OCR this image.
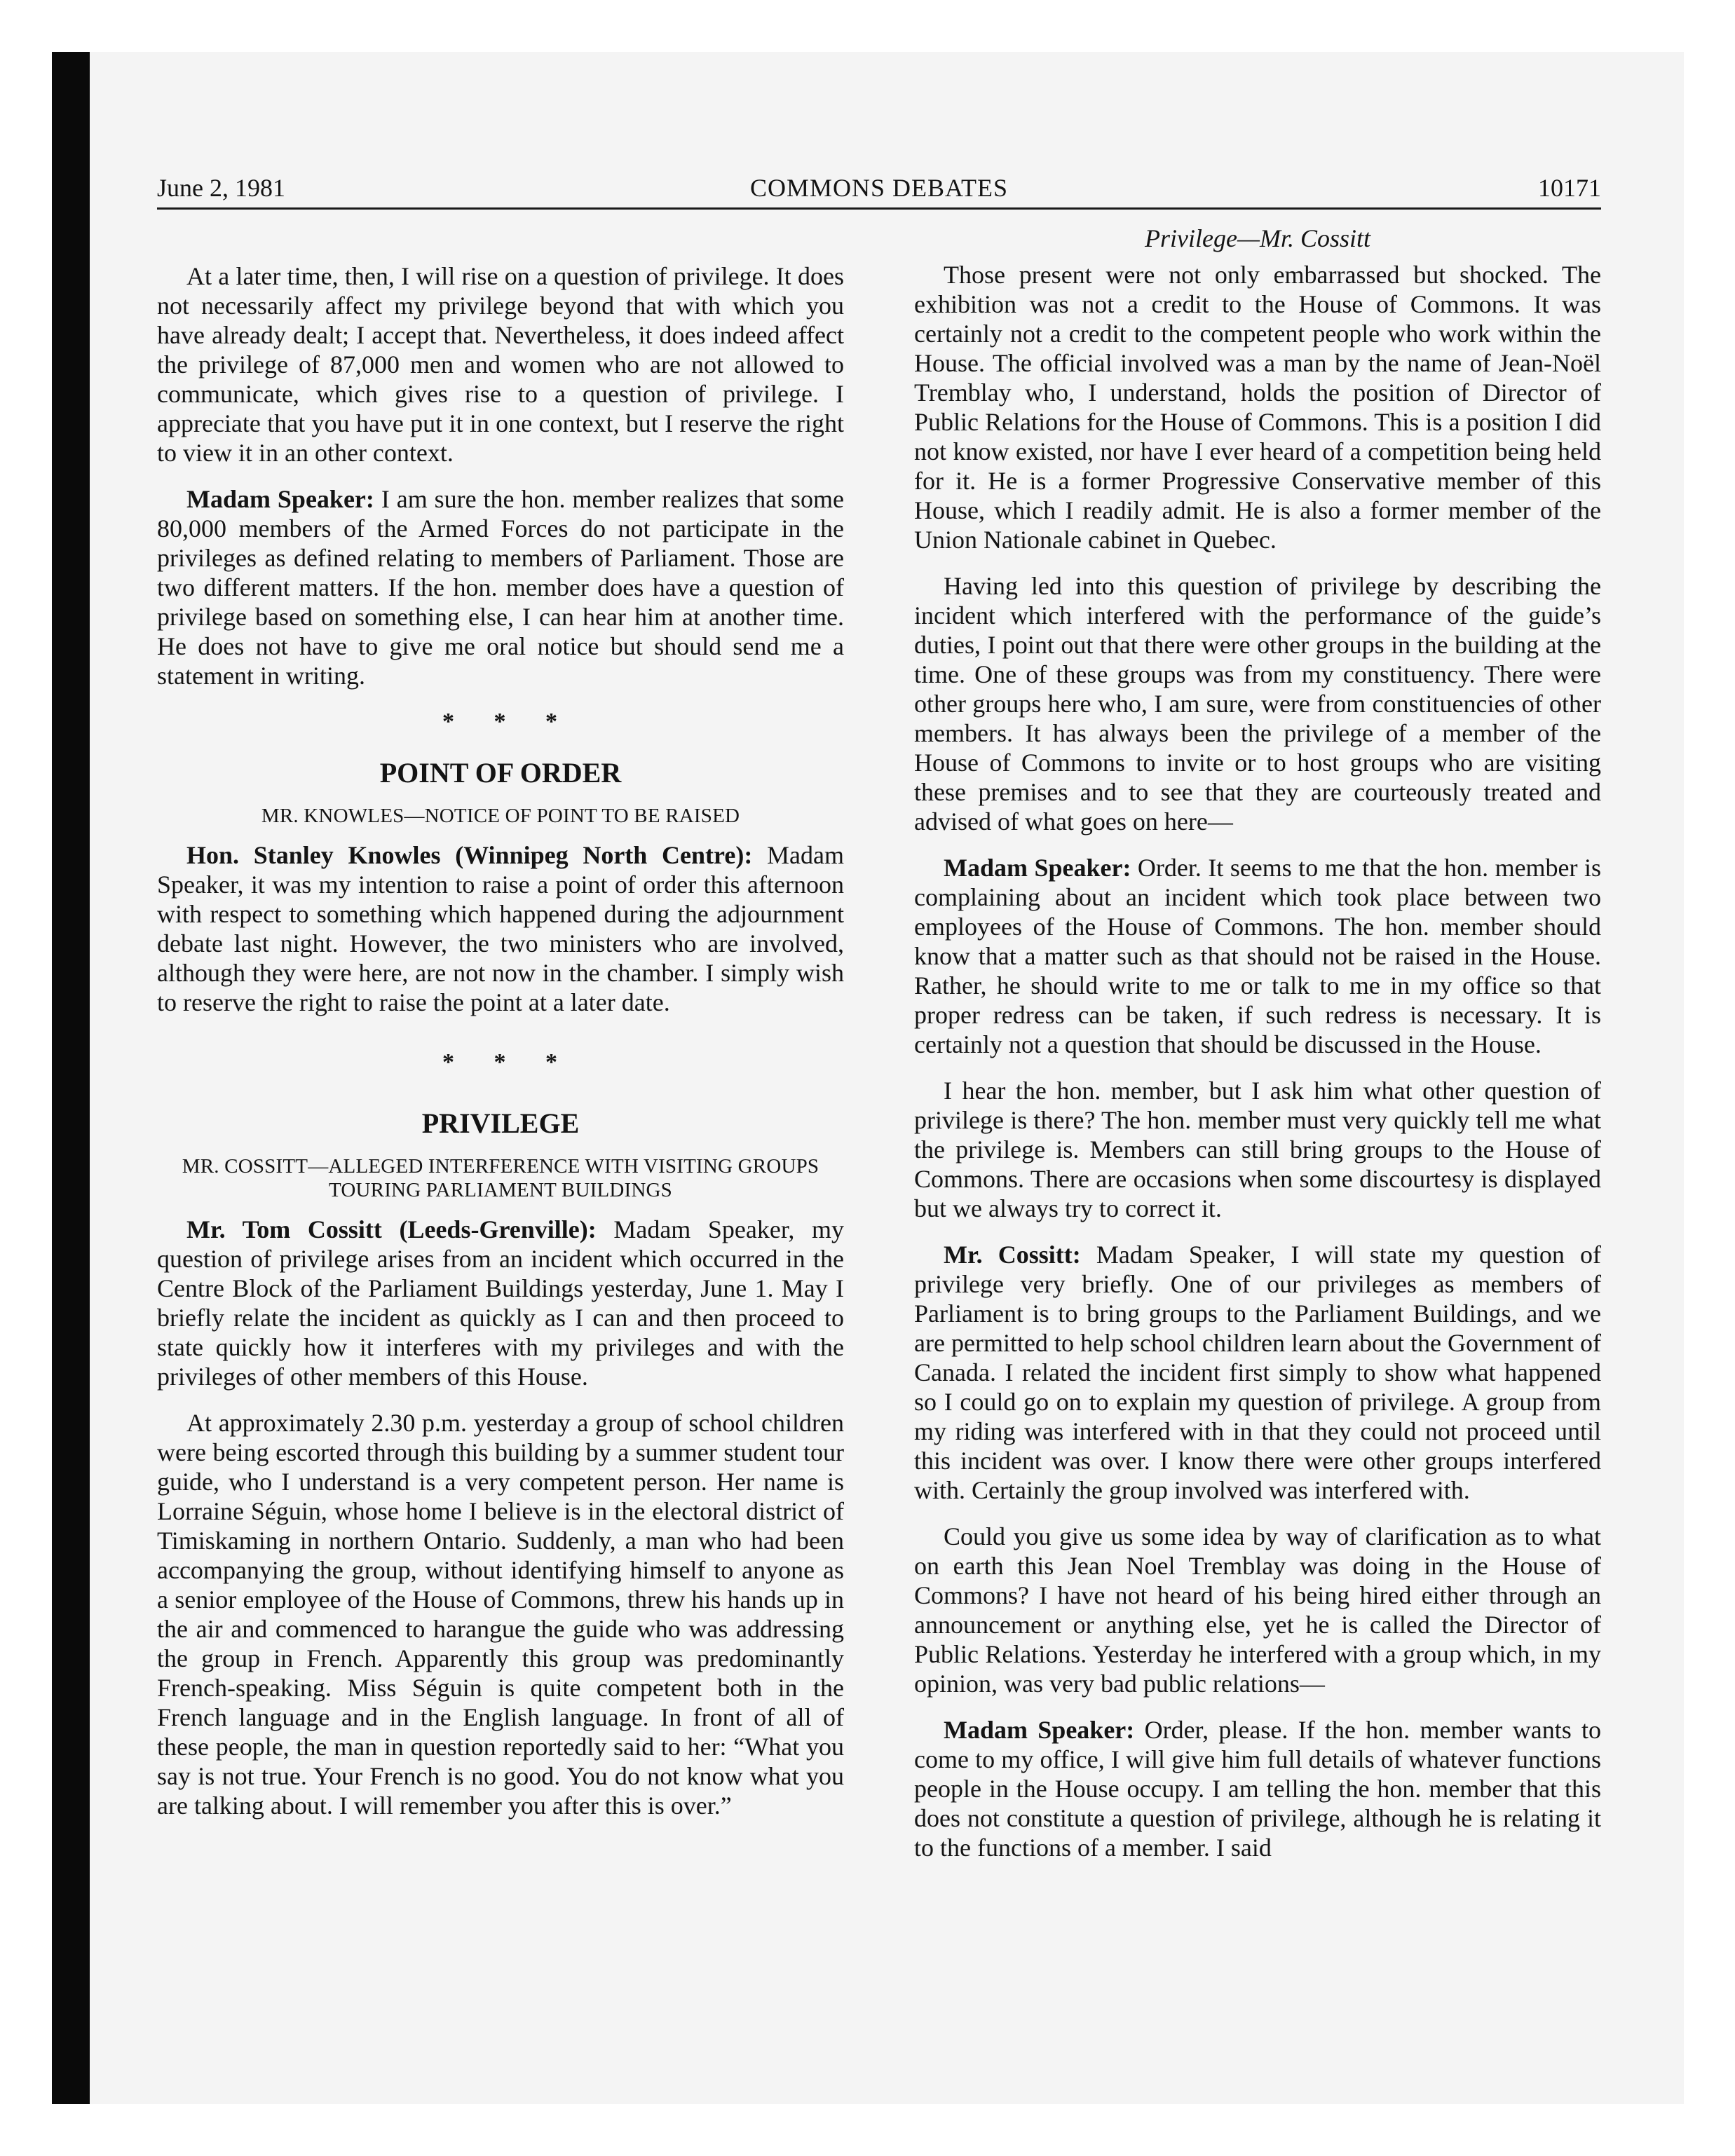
June 2, 1981	COMMONS DEBATES	10171

At a later time, then, I will rise on a question of privilege. It does not necessarily affect my privilege beyond that with which you have already dealt; I accept that. Nevertheless, it does indeed affect the privilege of 87,000 men and women who are not allowed to communicate, which gives rise to a question of privilege. I appreciate that you have put it in one context, but I reserve the right to view it in an other context.

Madam Speaker: I am sure the hon. member realizes that some 80,000 members of the Armed Forces do not participate in the privileges as defined relating to members of Parliament. Those are two different matters. If the hon. member does have a question of privilege based on something else, I can hear him at another time. He does not have to give me oral notice but should send me a statement in writing.

* * *
POINT OF ORDER
MR. KNOWLES—NOTICE OF POINT TO BE RAISED

Hon. Stanley Knowles (Winnipeg North Centre): Madam Speaker, it was my intention to raise a point of order this afternoon with respect to something which happened during the adjournment debate last night. However, the two ministers who are involved, although they were here, are not now in the chamber. I simply wish to reserve the right to raise the point at a later date.

* * *
PRIVILEGE
MR. COSSITT—ALLEGED INTERFERENCE WITH VISITING GROUPS
TOURING PARLIAMENT BUILDINGS

Mr. Tom Cossitt (Leeds-Grenville): Madam Speaker, my question of privilege arises from an incident which occurred in the Centre Block of the Parliament Buildings yesterday, June 1. May I briefly relate the incident as quickly as I can and then proceed to state quickly how it interferes with my privileges and with the privileges of other members of this House.

At approximately 2.30 p.m. yesterday a group of school children were being escorted through this building by a summer student tour guide, who I understand is a very competent person. Her name is Lorraine Séguin, whose home I believe is in the electoral district of Timiskaming in northern Ontario. Suddenly, a man who had been accompanying the group, without identifying himself to anyone as a senior employee of the House of Commons, threw his hands up in the air and commenced to harangue the guide who was addressing the group in French. Apparently this group was predominantly French-speaking. Miss Séguin is quite competent both in the French language and in the English language. In front of all of these people, the man in question reportedly said to her: “What you say is not true. Your French is no good. You do not know what you are talking about. I will remember you after this is over.”

Privilege—Mr. Cossitt

Those present were not only embarrassed but shocked. The exhibition was not a credit to the House of Commons. It was certainly not a credit to the competent people who work within the House. The official involved was a man by the name of Jean-Noël Tremblay who, I understand, holds the position of Director of Public Relations for the House of Commons. This is a position I did not know existed, nor have I ever heard of a competition being held for it. He is a former Progressive Conservative member of this House, which I readily admit. He is also a former member of the Union Nationale cabinet in Quebec.

Having led into this question of privilege by describing the incident which interfered with the performance of the guide’s duties, I point out that there were other groups in the building at the time. One of these groups was from my constituency. There were other groups here who, I am sure, were from constituencies of other members. It has always been the privilege of a member of the House of Commons to invite or to host groups who are visiting these premises and to see that they are courteously treated and advised of what goes on here—

Madam Speaker: Order. It seems to me that the hon. member is complaining about an incident which took place between two employees of the House of Commons. The hon. member should know that a matter such as that should not be raised in the House. Rather, he should write to me or talk to me in my office so that proper redress can be taken, if such redress is necessary. It is certainly not a question that should be discussed in the House.

I hear the hon. member, but I ask him what other question of privilege is there? The hon. member must very quickly tell me what the privilege is. Members can still bring groups to the House of Commons. There are occasions when some discourtesy is displayed but we always try to correct it.

Mr. Cossitt: Madam Speaker, I will state my question of privilege very briefly. One of our privileges as members of Parliament is to bring groups to the Parliament Buildings, and we are permitted to help school children learn about the Government of Canada. I related the incident first simply to show what happened so I could go on to explain my question of privilege. A group from my riding was interfered with in that they could not proceed until this incident was over. I know there were other groups interfered with. Certainly the group involved was interfered with.

Could you give us some idea by way of clarification as to what on earth this Jean Noel Tremblay was doing in the House of Commons? I have not heard of his being hired either through an announcement or anything else, yet he is called the Director of Public Relations. Yesterday he interfered with a group which, in my opinion, was very bad public relations—

Madam Speaker: Order, please. If the hon. member wants to come to my office, I will give him full details of whatever functions people in the House occupy. I am telling the hon. member that this does not constitute a question of privilege, although he is relating it to the functions of a member. I said
